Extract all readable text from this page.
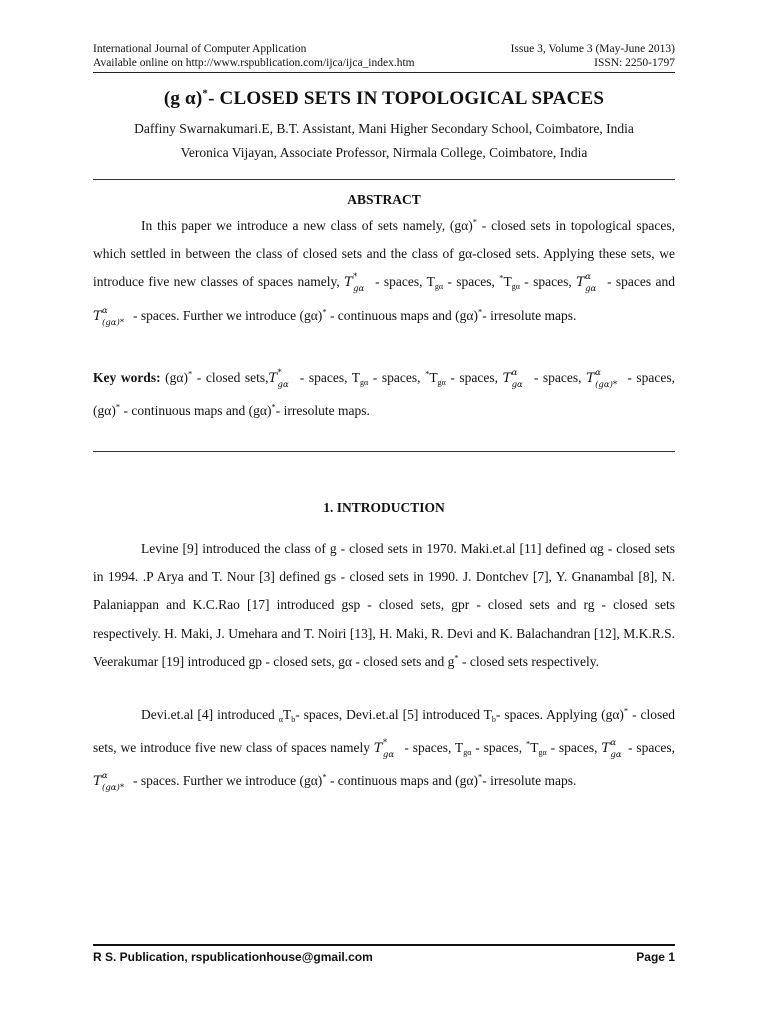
International Journal of Computer Application	Issue 3, Volume 3 (May-June 2013)
Available online on http://www.rspublication.com/ijca/ijca_index.htm	ISSN: 2250-1797
(g α)*- CLOSED SETS IN TOPOLOGICAL SPACES
Daffiny Swarnakumari.E, B.T. Assistant, Mani Higher Secondary School, Coimbatore, India
Veronica Vijayan, Associate Professor, Nirmala College, Coimbatore, India
ABSTRACT

In this paper we introduce a new class of sets namely, (gα)* - closed sets in topological spaces, which settled in between the class of closed sets and the class of gα-closed sets. Applying these sets, we introduce five new classes of spaces namely, T *
gα - spaces, $T_{g\alpha}$ - spaces, $^*T_{g\alpha}$ - spaces, T α
gα - spaces and T α
(gα)* - spaces. Further we introduce (gα)* - continuous maps and (gα)*- irresolute maps.

Key words: (gα)* - closed sets,T *
gα - spaces, $T_{g\alpha}$ - spaces, $^*T_{g\alpha}$ - spaces, T α
gα - spaces, T α
(gα)* - spaces, (gα)* - continuous maps and (gα)*- irresolute maps.

1. INTRODUCTION

Levine [9] introduced the class of g - closed sets in 1970. Maki.et.al [11] defined αg - closed sets in 1994. .P Arya and T. Nour [3] defined gs - closed sets in 1990. J. Dontchev [7], Y. Gnanambal [8], N. Palaniappan and K.C.Rao [17] introduced gsp - closed sets, gpr - closed sets and rg - closed sets respectively. H. Maki, J. Umehara and T. Noiri [13], H. Maki, R. Devi and K. Balachandran [12], M.K.R.S. Veerakumar [19] introduced gp - closed sets, gα - closed sets and g* - closed sets respectively.

Devi.et.al [4] introduced $_\alpha T_b-$ spaces, Devi.et.al [5] introduced $T_b-$ spaces. Applying (gα)* - closed sets, we introduce five new class of spaces namely T *
gα - spaces, $T_{g\alpha}$ - spaces, $^*T_{g\alpha}$ - spaces, T α
gα - spaces, T α
(gα)* - spaces. Further we introduce (gα)* - continuous maps and (gα)*- irresolute maps.

R S. Publication, rspublicationhouse@gmail.com	Page 1
